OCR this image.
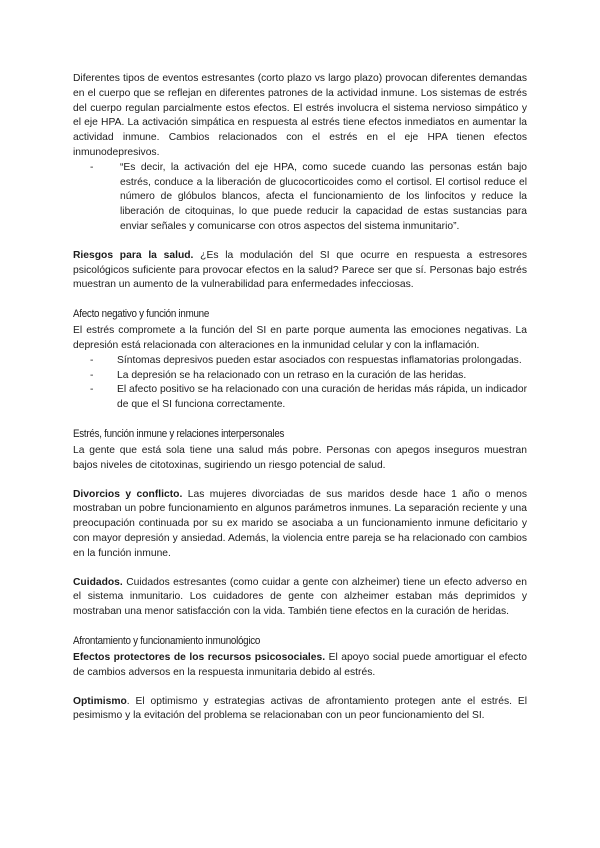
Diferentes tipos de eventos estresantes (corto plazo vs largo plazo) provocan diferentes demandas en el cuerpo que se reflejan en diferentes patrones de la actividad inmune. Los sistemas de estrés del cuerpo regulan parcialmente estos efectos. El estrés involucra el sistema nervioso simpático y el eje HPA. La activación simpática en respuesta al estrés tiene efectos inmediatos en aumentar la actividad inmune. Cambios relacionados con el estrés en el eje HPA tienen efectos inmunodepresivos.

-	“Es decir, la activación del eje HPA, como sucede cuando las personas están bajo estrés, conduce a la liberación de glucocorticoides como el cortisol. El cortisol reduce el número de glóbulos blancos, afecta el funcionamiento de los linfocitos y reduce la liberación de citoquinas, lo que puede reducir la capacidad de estas sustancias para enviar señales y comunicarse con otros aspectos del sistema inmunitario”.

Riesgos para la salud. ¿Es la modulación del SI que ocurre en respuesta a estresores psicológicos suficiente para provocar efectos en la salud? Parece ser que sí. Personas bajo estrés muestran un aumento de la vulnerabilidad para enfermedades infecciosas.

Afecto negativo y función inmune

El estrés compromete a la función del SI en parte porque aumenta las emociones negativas. La depresión está relacionada con alteraciones en la inmunidad celular y con la inflamación.

- Síntomas depresivos pueden estar asociados con respuestas inflamatorias prolongadas.
- La depresión se ha relacionado con un retraso en la curación de las heridas.
- El afecto positivo se ha relacionado con una curación de heridas más rápida, un indicador de que el SI funciona correctamente.
Estrés, función inmune y relaciones interpersonales

La gente que está sola tiene una salud más pobre. Personas con apegos inseguros muestran bajos niveles de citotoxinas, sugiriendo un riesgo potencial de salud.

Divorcios y conflicto. Las mujeres divorciadas de sus maridos desde hace 1 año o menos mostraban un pobre funcionamiento en algunos parámetros inmunes. La separación reciente y una preocupación continuada por su ex marido se asociaba a un funcionamiento inmune deficitario y con mayor depresión y ansiedad. Además, la violencia entre pareja se ha relacionado con cambios en la función inmune.

Cuidados. Cuidados estresantes (como cuidar a gente con alzheimer) tiene un efecto adverso en el sistema inmunitario. Los cuidadores de gente con alzheimer estaban más deprimidos y mostraban una menor satisfacción con la vida. También tiene efectos en la curación de heridas.

Afrontamiento y funcionamiento inmunológico

Efectos protectores de los recursos psicosociales. El apoyo social puede amortiguar el efecto de cambios adversos en la respuesta inmunitaria debido al estrés.

Optimismo. El optimismo y estrategias activas de afrontamiento protegen ante el estrés. El pesimismo y la evitación del problema se relacionaban con un peor funcionamiento del SI.
